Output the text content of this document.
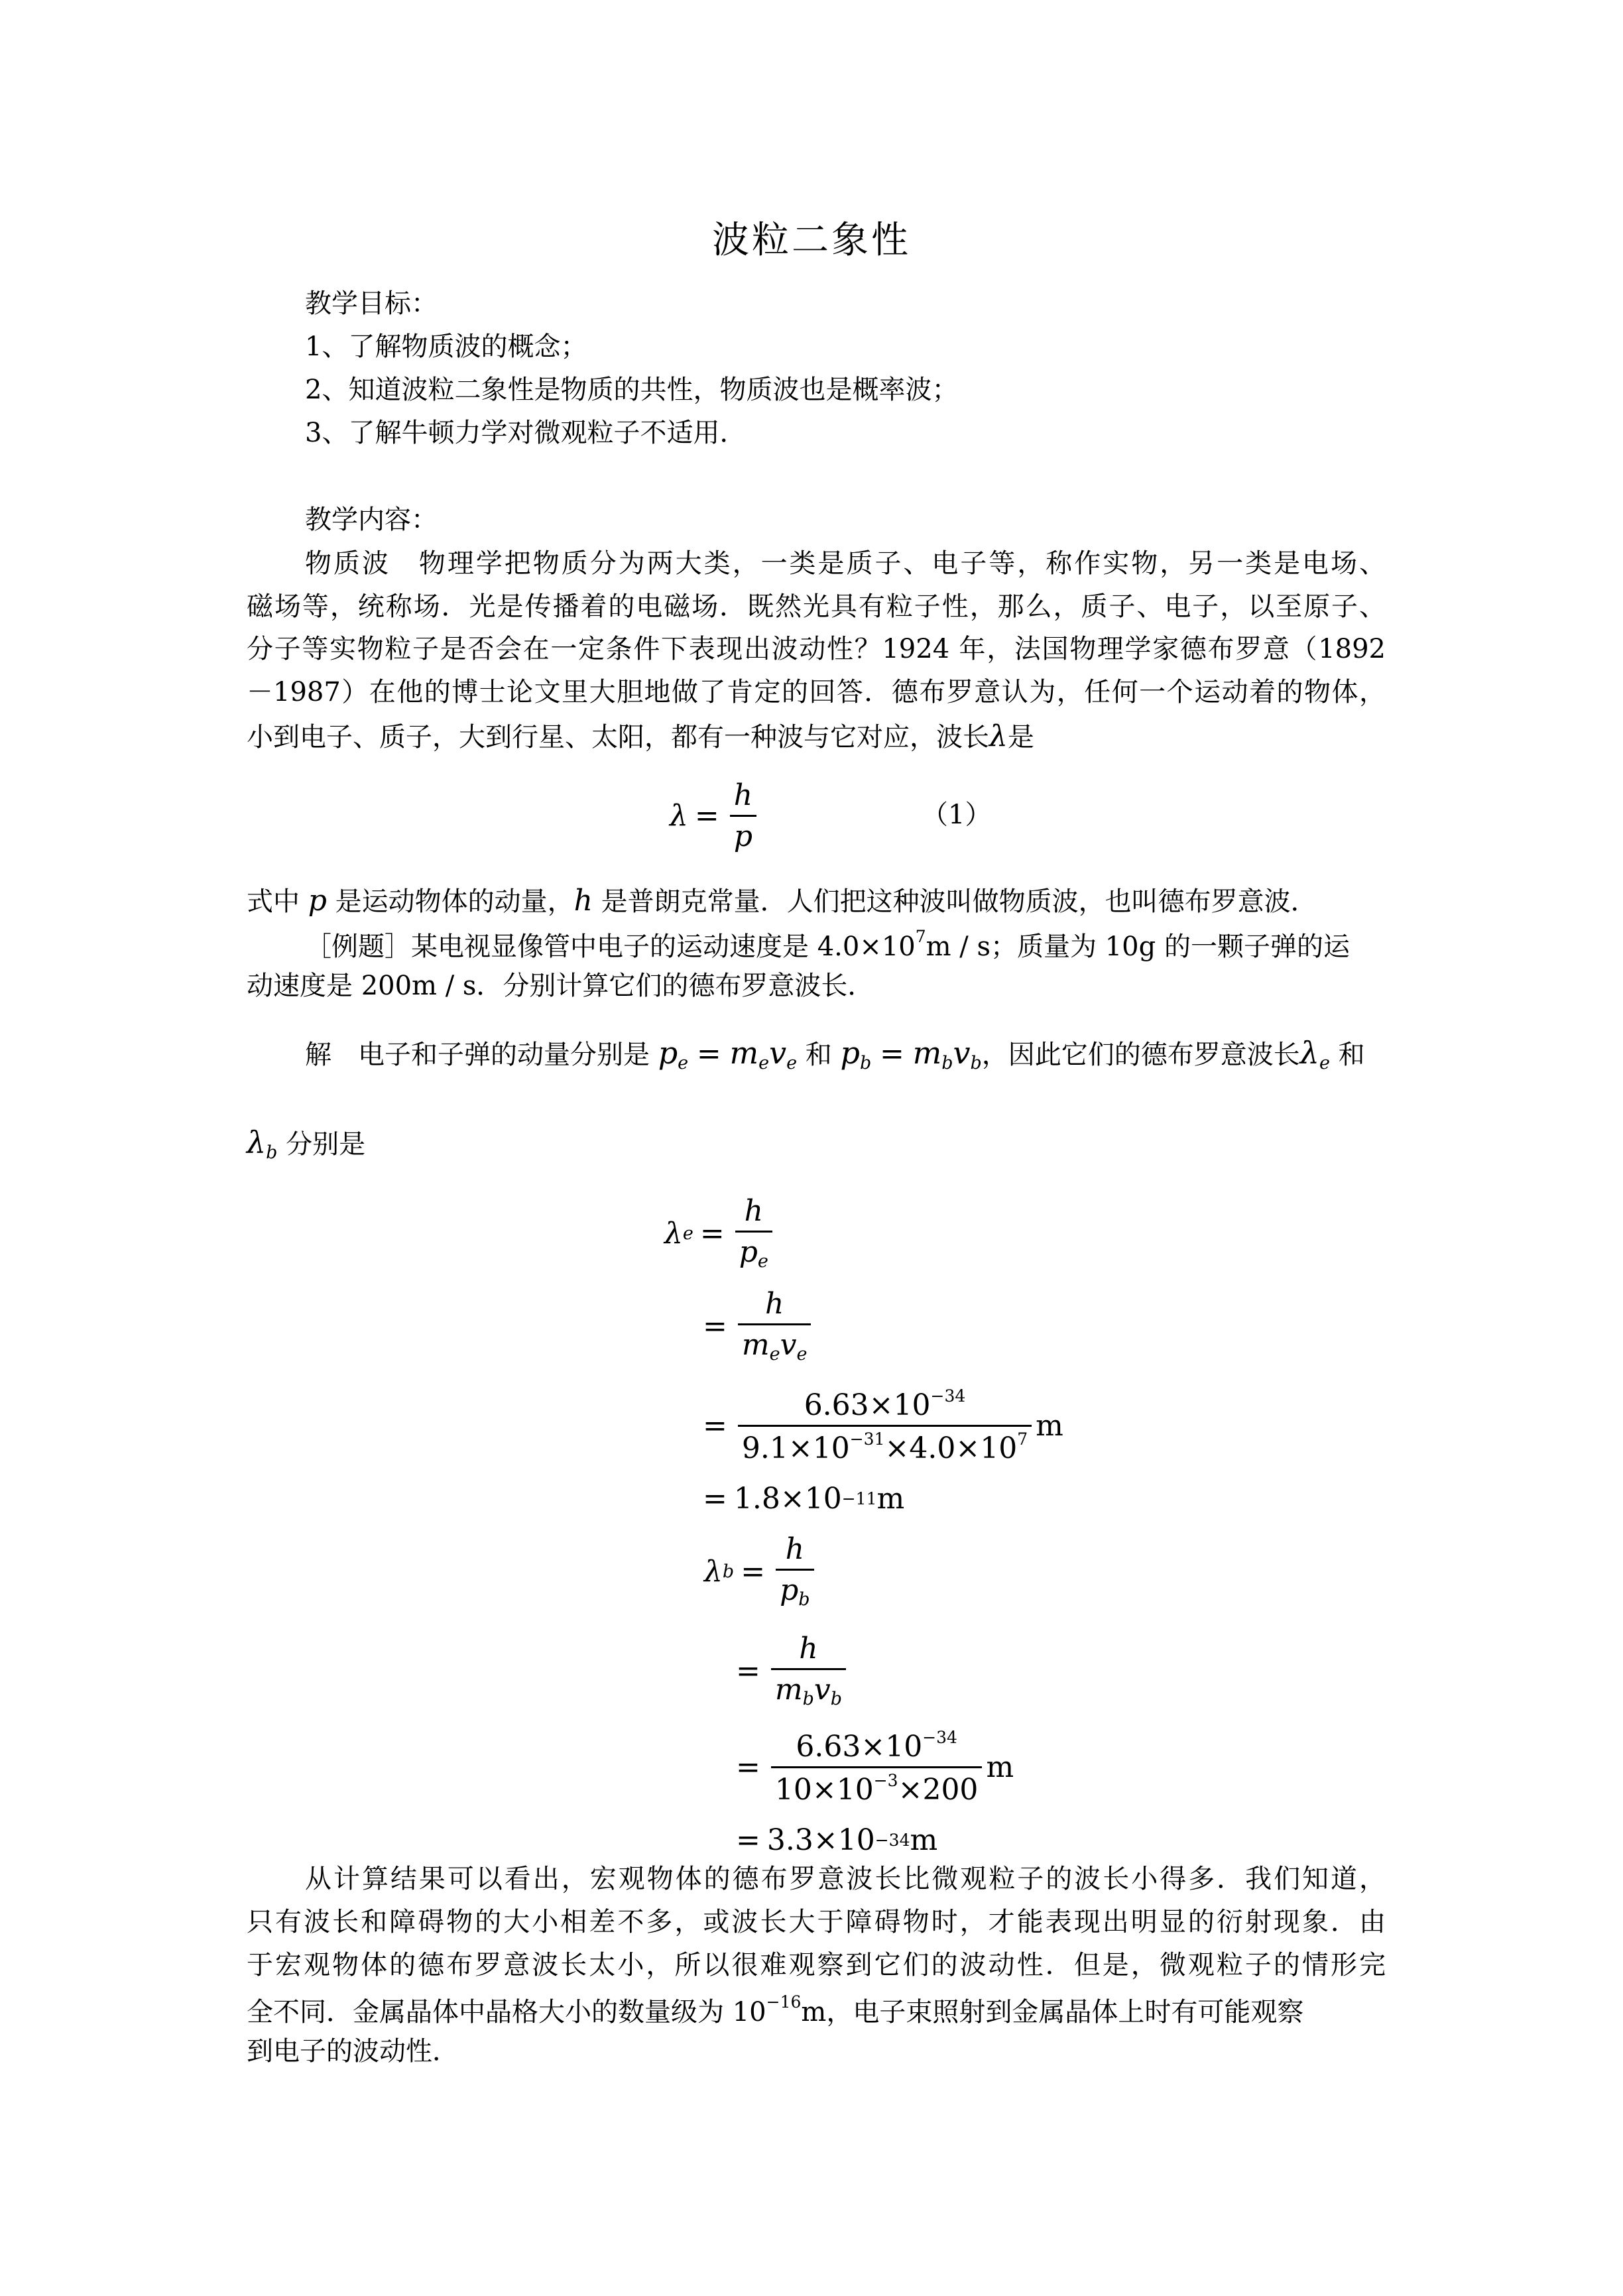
波粒二象性
教学目标：
1、了解物质波的概念；
2、知道波粒二象性是物质的共性，物质波也是概率波；
3、了解牛顿力学对微观粒子不适用．
教学内容：
物质波　物理学把物质分为两大类，一类是质子、电子等，称作实物，另一类是电场、
磁场等，统称场．光是传播着的电磁场．既然光具有粒子性，那么，质子、电子，以至原子、
分子等实物粒子是否会在一定条件下表现出波动性？1924 年，法国物理学家德布罗意（1892
－1987）在他的博士论文里大胆地做了肯定的回答．德布罗意认为，任何一个运动着的物体，
小到电子、质子，大到行星、太阳，都有一种波与它对应，波长λ是
$\lambda = \frac{h}{p}$	（1）
式中 p 是运动物体的动量，h 是普朗克常量．人们把这种波叫做物质波，也叫德布罗意波．
［例题］某电视显像管中电子的运动速度是 $4.0\times 10^7m / s$；质量为 10g 的一颗子弹的运
动速度是 200m / s．分别计算它们的德布罗意波长．
解　电子和子弹的动量分别是 $p_e = m_ev_e$ 和 $p_b = m_bv_b$，因此它们的德布罗意波长$\lambda_e$ 和
$\lambda_b$ 分别是
λ $e = \frac{h}{p_e}$
= $\frac{h}{m_ev_e}$
= $\frac{6.63\times 10^{-34}}{9.1\times 10^{-31}\times 4.0\times 10^7}$ m
= 1.8×10 −11 m
λ $b = \frac{h}{p_b}$
= $\frac{h}{m_bv_b}$
= $\frac{6.63\times 10^{-34}}{10\times 10^{-3}\times 200}$ m
= 3.3×10 −34 m
从计算结果可以看出，宏观物体的德布罗意波长比微观粒子的波长小得多．我们知道，
只有波长和障碍物的大小相差不多，或波长大于障碍物时，才能表现出明显的衍射现象．由
于宏观物体的德布罗意波长太小，所以很难观察到它们的波动性．但是，微观粒子的情形完
全不同．金属晶体中晶格大小的数量级为 $10^{-16}m$，电子束照射到金属晶体上时有可能观察
到电子的波动性．
